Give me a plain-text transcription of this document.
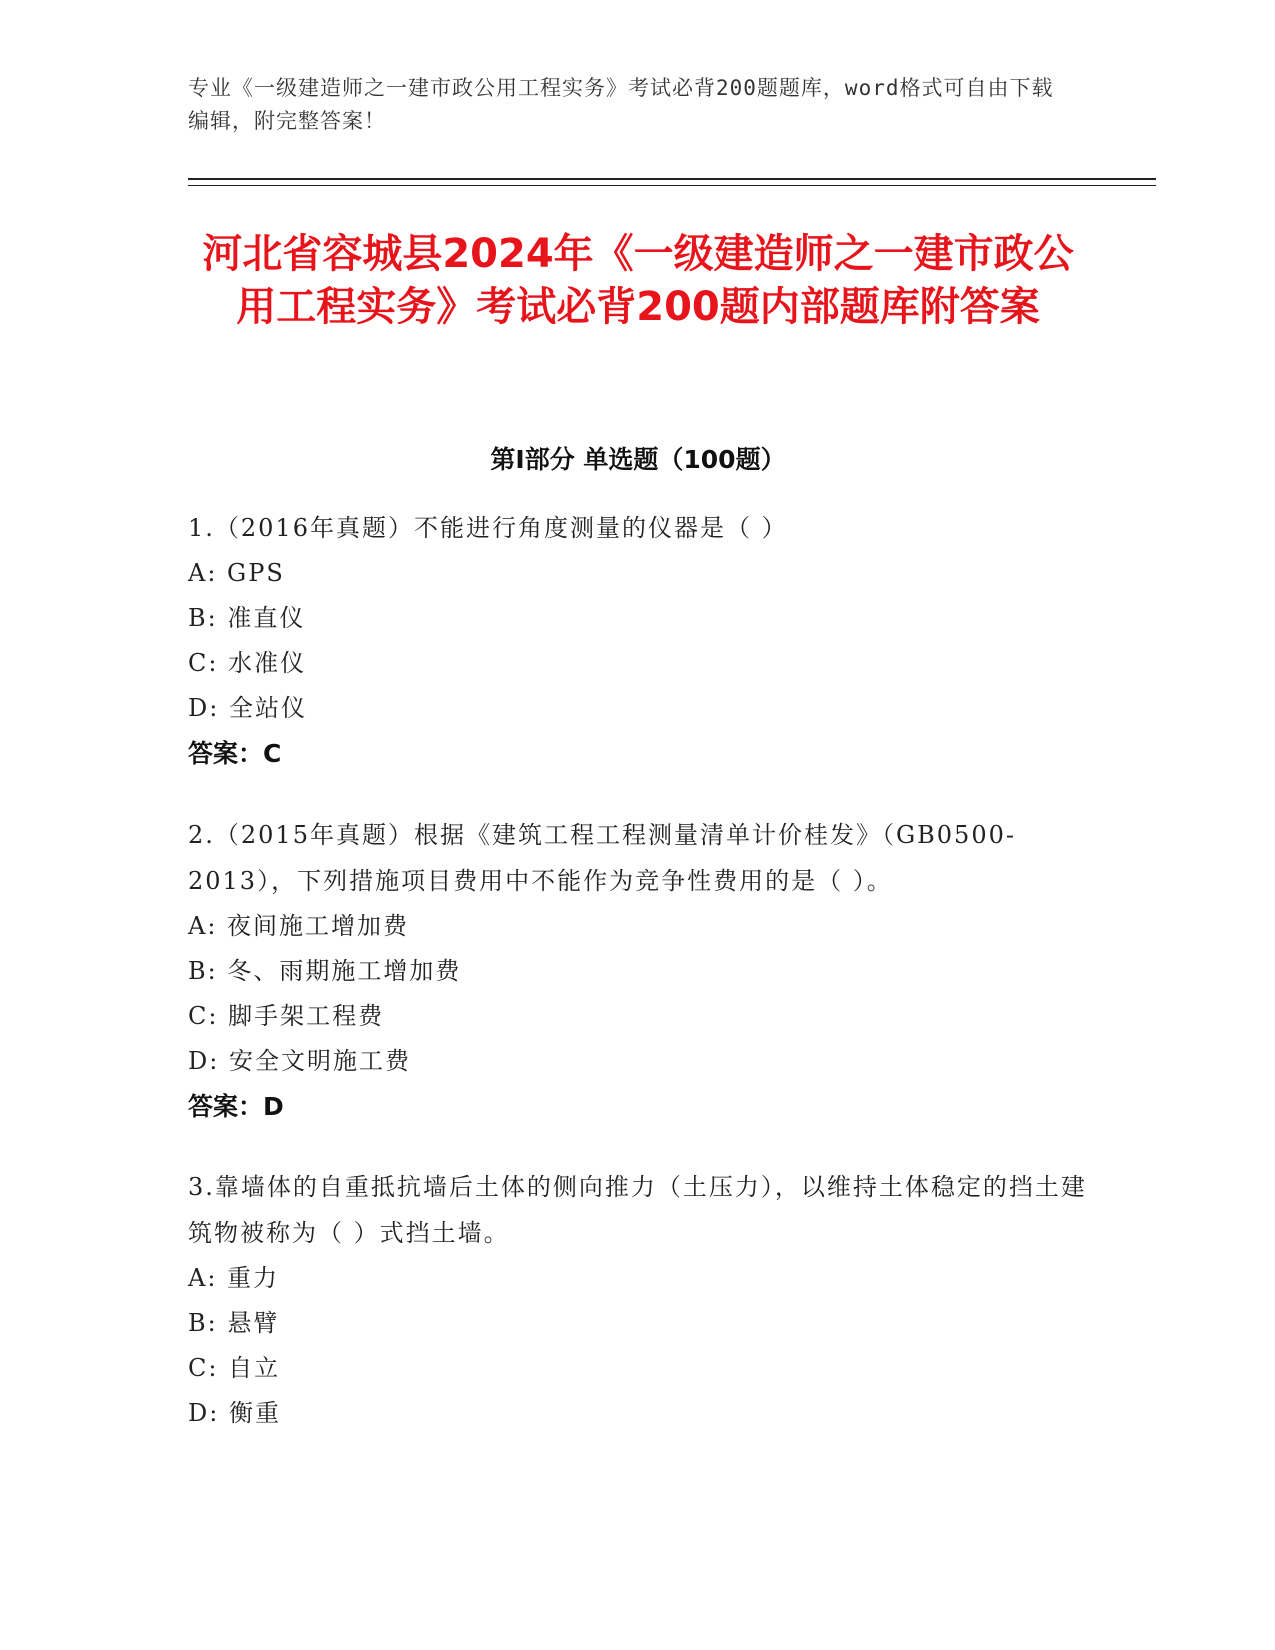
专业《一级建造师之一建市政公用工程实务》考试必背200题题库，word格式可自由下载编辑，附完整答案！
河北省容城县2024年《一级建造师之一建市政公用工程实务》考试必背200题内部题库附答案
第I部分 单选题（100题）

1.（2016年真题）不能进行角度测量的仪器是（ ）

A: GPS

B: 准直仪

C: 水准仪

D: 全站仪

答案：C

2.（2015年真题）根据《建筑工程工程测量清单计价桂发》（GB0500-2013），下列措施项目费用中不能作为竞争性费用的是（ ）。

A: 夜间施工增加费

B: 冬、雨期施工增加费

C: 脚手架工程费

D: 安全文明施工费

答案：D

3.靠墙体的自重抵抗墙后土体的侧向推力（土压力），以维持土体稳定的挡土建筑物被称为（ ）式挡土墙。

A: 重力

B: 悬臂

C: 自立

D: 衡重
